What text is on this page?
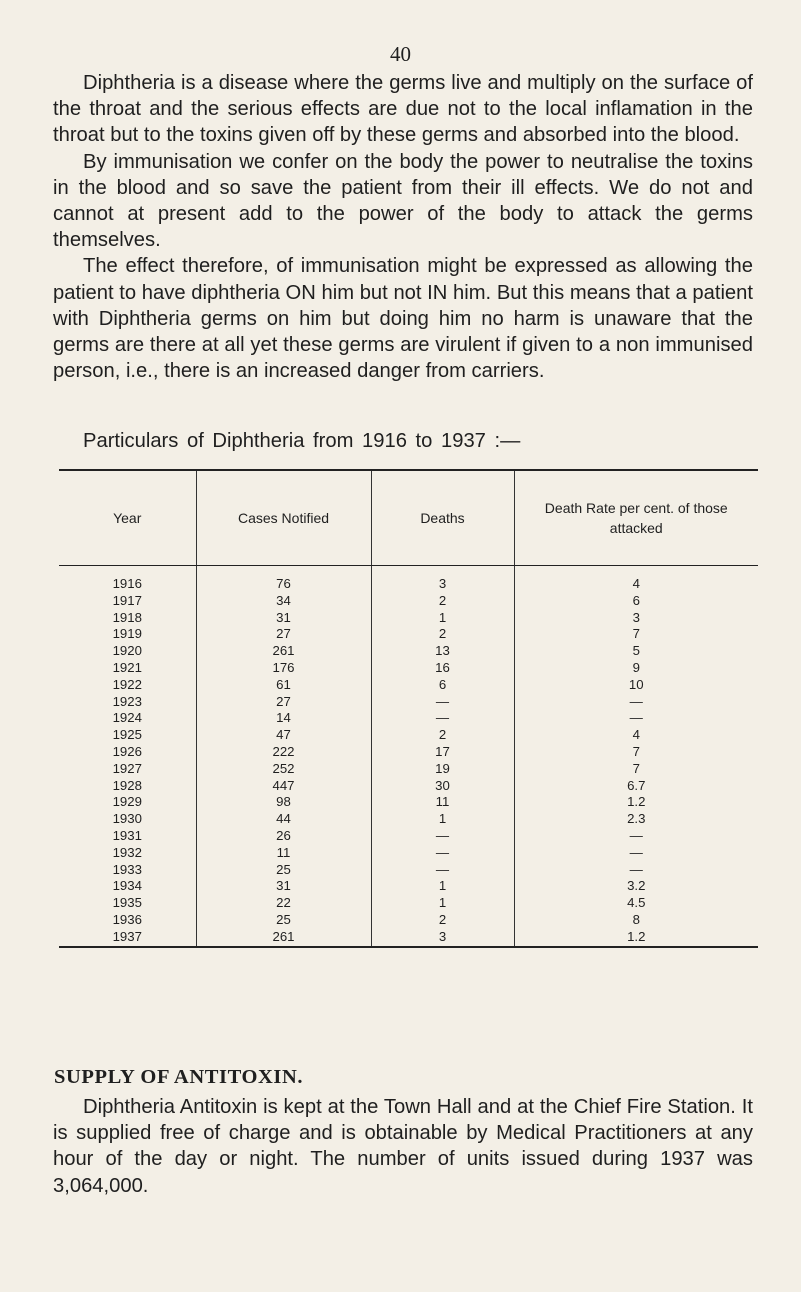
40

Diphtheria is a disease where the germs live and multiply on the surface of the throat and the serious effects are due not to the local inflamation in the throat but to the toxins given off by these germs and absorbed into the blood.

By immunisation we confer on the body the power to neutralise the toxins in the blood and so save the patient from their ill effects. We do not and cannot at present add to the power of the body to attack the germs themselves.

The effect therefore, of immunisation might be expressed as allowing the patient to have diphtheria ON him but not IN him. But this means that a patient with Diphtheria germs on him but doing him no harm is unaware that the germs are there at all yet these germs are virulent if given to a non immunised person, i.e., there is an increased danger from carriers.

Particulars of Diphtheria from 1916 to 1937 :—
Year	Cases Notified	Deaths	Death Rate per cent. of those attacked
1916	76	3	4
1917	34	2	6
1918	31	1	3
1919	27	2	7
1920	261	13	5
1921	176	16	9
1922	61	6	10
1923	27	—	—
1924	14	—	—
1925	47	2	4
1926	222	17	7
1927	252	19	7
1928	447	30	6.7
1929	98	11	1.2
1930	44	1	2.3
1931	26	—	—
1932	11	—	—
1933	25	—	—
1934	31	1	3.2
1935	22	1	4.5
1936	25	2	8
1937	261	3	1.2
SUPPLY OF ANTITOXIN.

Diphtheria Antitoxin is kept at the Town Hall and at the Chief Fire Station. It is supplied free of charge and is obtainable by Medical Practitioners at any hour of the day or night. The number of units issued during 1937 was 3,064,000.
